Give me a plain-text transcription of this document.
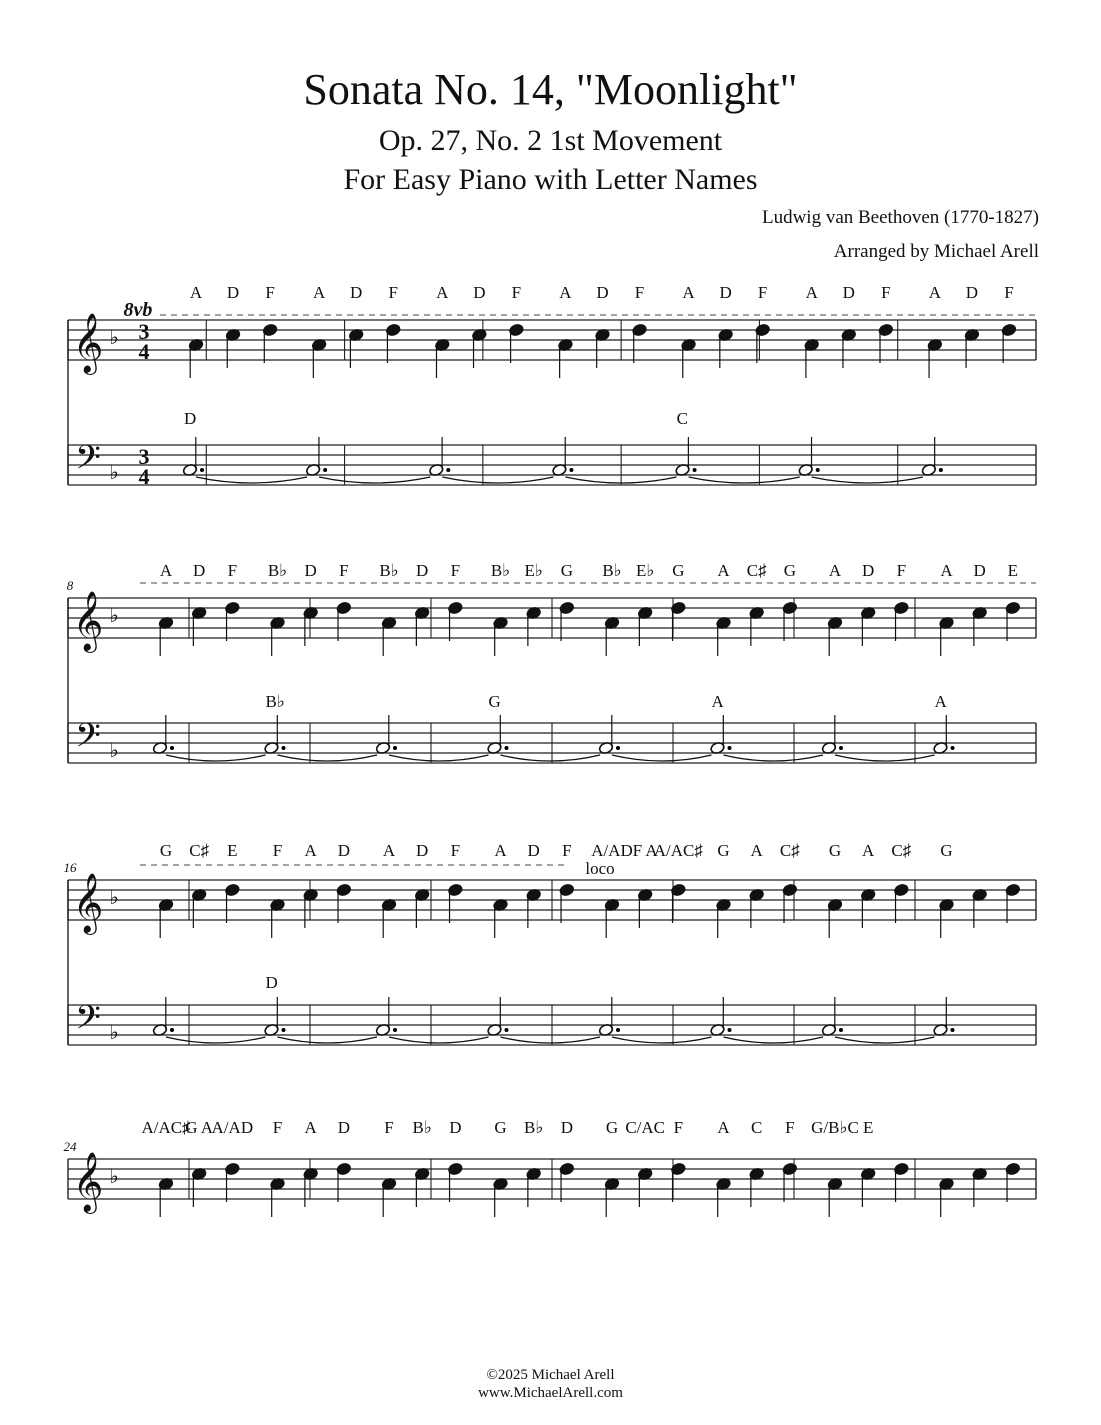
Sonata No. 14, "Moonlight"
Op. 27, No. 2 1st Movement
For Easy Piano with Letter Names
Ludwig van Beethoven (1770-1827)
Arranged by Michael Arell
𝄞 ♭
𝄢 ♭
3
4
3
4
8vb
A D F A D F A D F A D F A D F A D F A D F
D	C
𝄞 ♭
𝄢 ♭
8
A D F B♭ D F B♭ D F B♭ E♭ G B♭ E♭ G A C♯ G A D F A D E
B♭	G	A	A
𝄞 ♭
𝄢 ♭
16
G C♯ E F A D A D F A D F A/AD F A
A/AC♯ G A C♯ G A C♯ G
loco
D
𝄞 ♭
24
A/AC♯
G A
A/AD F A D F B♭ D G B♭ D G C/AC F A C F G/B♭C E
©2025 Michael Arell
www.MichaelArell.com
